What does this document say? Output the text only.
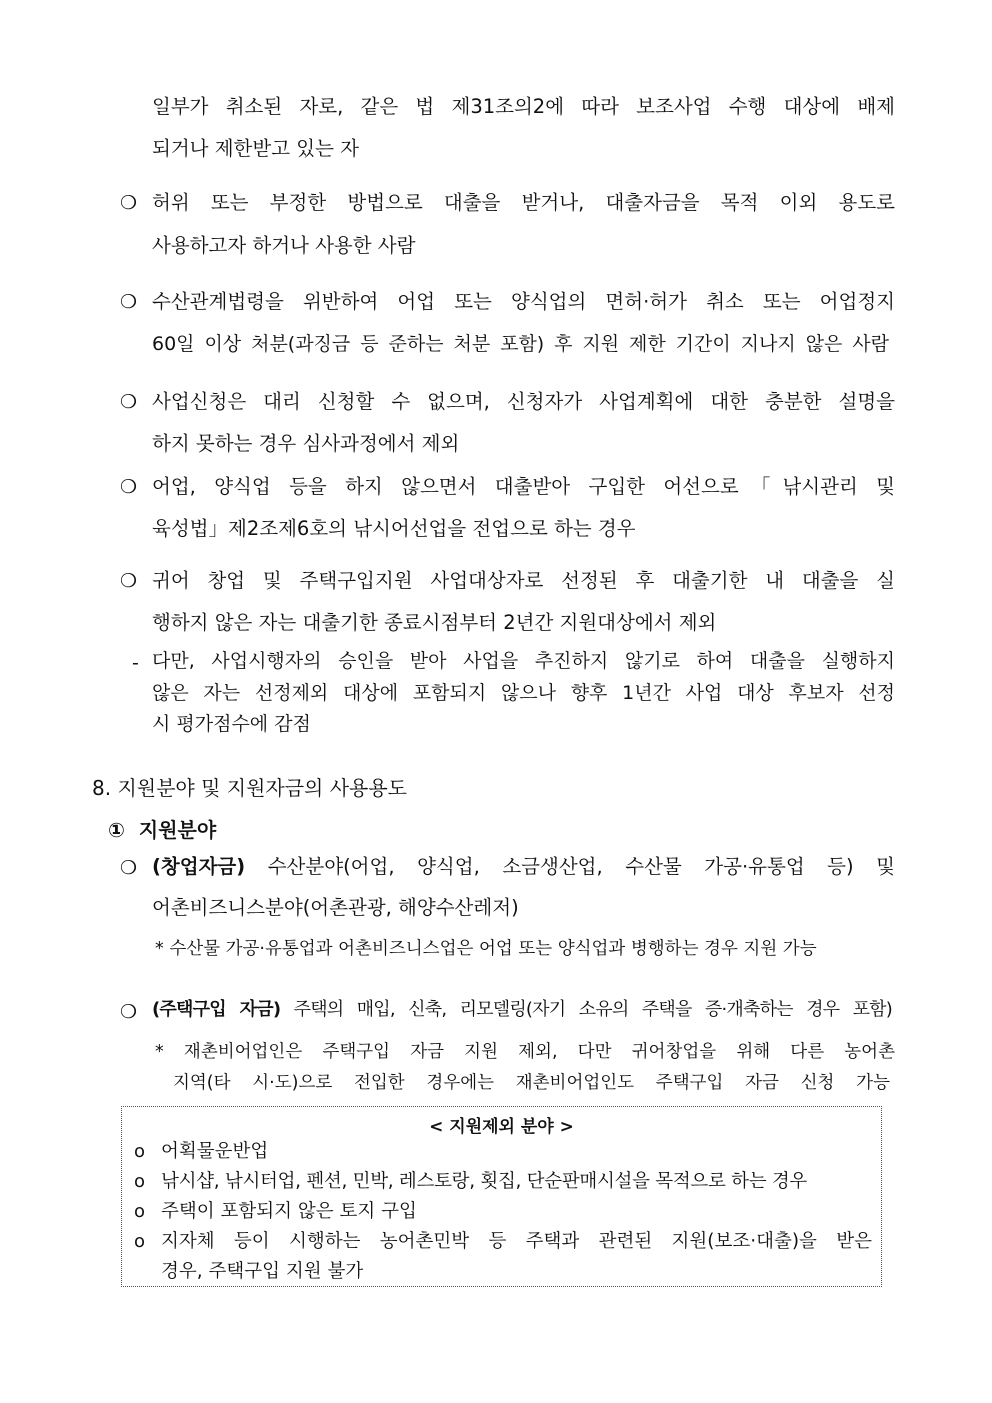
일부가 취소된 자로, 같은 법 제31조의2에 따라 보조사업 수행 대상에 배제
되거나 제한받고 있는 자
❍ 허위 또는 부정한 방법으로 대출을 받거나, 대출자금을 목적 이외 용도로
사용하고자 하거나 사용한 사람
❍ 수산관계법령을 위반하여 어업 또는 양식업의 면허·허가 취소 또는 어업정지
60일 이상 처분(과징금 등 준하는 처분 포함) 후 지원 제한 기간이 지나지 않은 사람
❍ 사업신청은 대리 신청할 수 없으며, 신청자가 사업계획에 대한 충분한 설명을
하지 못하는 경우 심사과정에서 제외
❍ 어업, 양식업 등을 하지 않으면서 대출받아 구입한 어선으로「낚시관리 및
육성법」제2조제6호의 낚시어선업을 전업으로 하는 경우
❍ 귀어 창업 및 주택구입지원 사업대상자로 선정된 후 대출기한 내 대출을 실
행하지 않은 자는 대출기한 종료시점부터 2년간 지원대상에서 제외
- 다만, 사업시행자의 승인을 받아 사업을 추진하지 않기로 하여 대출을 실행하지
않은 자는 선정제외 대상에 포함되지 않으나 향후 1년간 사업 대상 후보자 선정
시 평가점수에 감점
8. 지원분야 및 지원자금의 사용용도
① 지원분야
❍ (창업자금) 수산분야(어업, 양식업, 소금생산업, 수산물 가공·유통업 등) 및
어촌비즈니스분야(어촌관광, 해양수산레저)
* 수산물 가공·유통업과 어촌비즈니스업은 어업 또는 양식업과 병행하는 경우 지원 가능
❍ (주택구입 자금) 주택의 매입, 신축, 리모델링(자기 소유의 주택을 증·개축하는 경우 포함)
* 재촌비어업인은 주택구입 자금 지원 제외, 다만 귀어창업을 위해 다른 농어촌
지역(타 시·도)으로 전입한 경우에는 재촌비어업인도 주택구입 자금 신청 가능
< 지원제외 분야 >
o 어획물운반업
o 낚시샵, 낚시터업, 펜션, 민박, 레스토랑, 횟집, 단순판매시설을 목적으로 하는 경우
o 주택이 포함되지 않은 토지 구입
o 지자체 등이 시행하는 농어촌민박 등 주택과 관련된 지원(보조·대출)을 받은
경우, 주택구입 지원 불가
